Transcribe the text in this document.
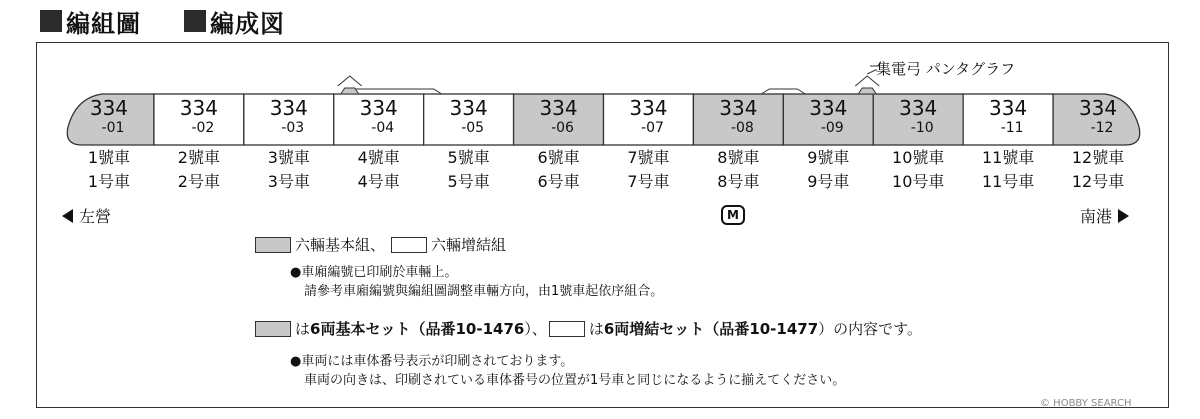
編組圖	編成図
334
-01
1號車
1号車
334
-02
2號車
2号車
334
-03
3號車
3号車
334
-04
4號車
4号車
334
-05
5號車
5号車
334
-06
6號車
6号車
334
-07
7號車
7号車
334
-08
8號車
8号車
334
-09
9號車
9号車
334
-10
10號車
10号車
334
-11
11號車
11号車
334
-12
12號車
12号車
集電弓 パンタグラフ
左營	M	南港
六輛基本組、	六輛增結組
●車廂編號已印刷於車輛上。
請參考車廂編號與編組圖調整車輛方向，由1號車起依序組合。
は 6両基本セット（品番 10-1476 ）、	は 6両増結セット（品番 10-1477 ）の内容です。
●車両には車体番号表示が印刷されております。
車両の向きは、印刷されている車体番号の位置が1号車と同じになるように揃えてください。
© HOBBY SEARCH
